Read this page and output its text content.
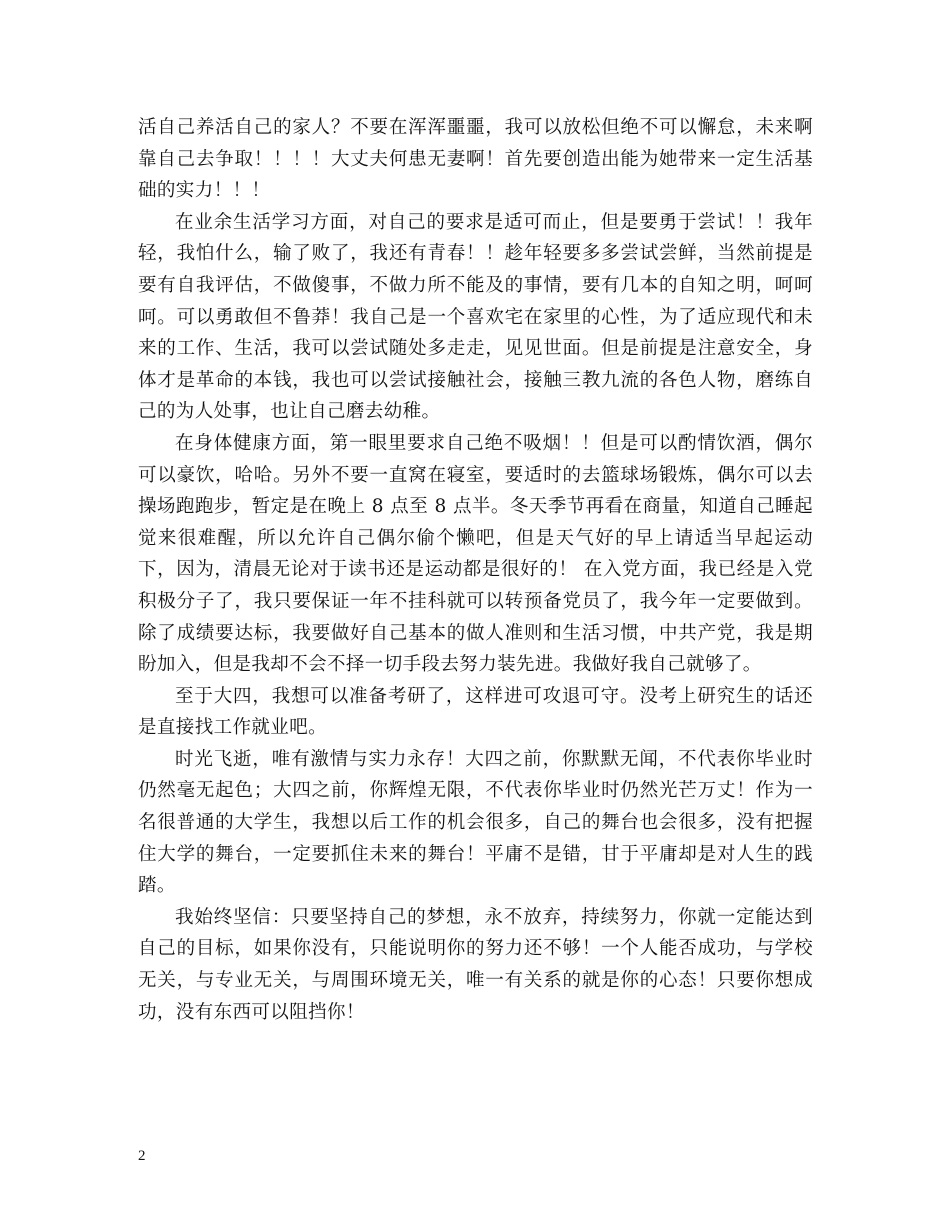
活自己养活自己的家人？不要在浑浑噩噩，我可以放松但绝不可以懈怠，未来啊靠自己去争取！！！！大丈夫何患无妻啊！首先要创造出能为她带来一定生活基础的实力！！！

在业余生活学习方面，对自己的要求是适可而止，但是要勇于尝试！！我年轻，我怕什么，输了败了，我还有青春！！趁年轻要多多尝试尝鲜，当然前提是要有自我评估，不做傻事，不做力所不能及的事情，要有几本的自知之明，呵呵呵。可以勇敢但不鲁莽！我自己是一个喜欢宅在家里的心性，为了适应现代和未来的工作、生活，我可以尝试随处多走走，见见世面。但是前提是注意安全，身体才是革命的本钱，我也可以尝试接触社会，接触三教九流的各色人物，磨练自己的为人处事，也让自己磨去幼稚。

在身体健康方面，第一眼里要求自己绝不吸烟！！但是可以酌情饮酒，偶尔可以豪饮，哈哈。另外不要一直窝在寝室，要适时的去篮球场锻炼，偶尔可以去操场跑跑步，暂定是在晚上 8 点至 8 点半。冬天季节再看在商量，知道自己睡起觉来很难醒，所以允许自己偶尔偷个懒吧，但是天气好的早上请适当早起运动下，因为，清晨无论对于读书还是运动都是很好的！ 在入党方面，我已经是入党积极分子了，我只要保证一年不挂科就可以转预备党员了，我今年一定要做到。除了成绩要达标，我要做好自己基本的做人准则和生活习惯，中共产党，我是期盼加入，但是我却不会不择一切手段去努力装先进。我做好我自己就够了。

至于大四，我想可以准备考研了，这样进可攻退可守。没考上研究生的话还是直接找工作就业吧。

时光飞逝，唯有激情与实力永存！大四之前，你默默无闻，不代表你毕业时仍然毫无起色；大四之前，你辉煌无限，不代表你毕业时仍然光芒万丈！作为一名很普通的大学生，我想以后工作的机会很多，自己的舞台也会很多，没有把握住大学的舞台，一定要抓住未来的舞台！平庸不是错，甘于平庸却是对人生的践踏。

我始终坚信：只要坚持自己的梦想，永不放弃，持续努力，你就一定能达到自己的目标，如果你没有，只能说明你的努力还不够！一个人能否成功，与学校无关，与专业无关，与周围环境无关，唯一有关系的就是你的心态！只要你想成功，没有东西可以阻挡你！

2
